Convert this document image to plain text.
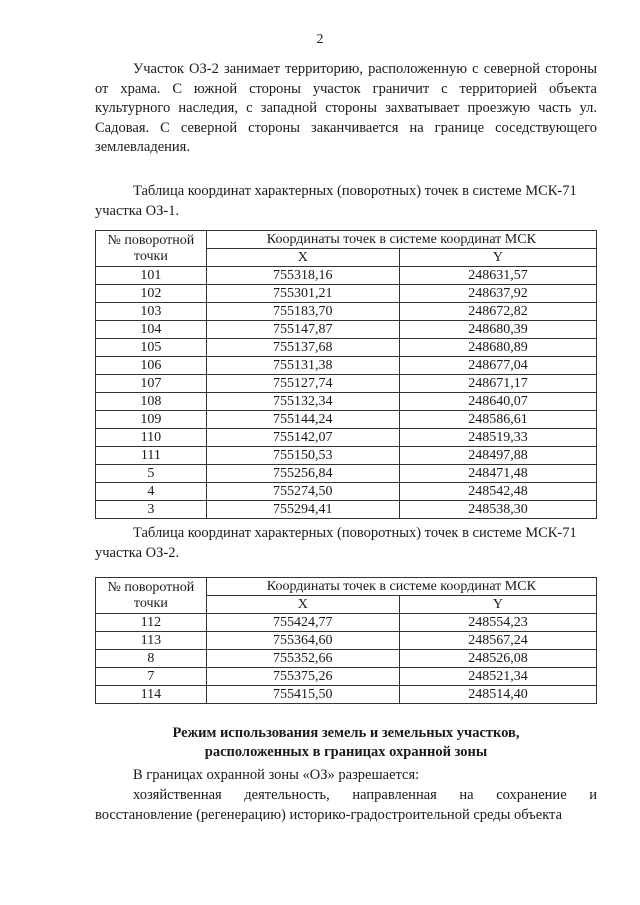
2

Участок ОЗ-2 занимает территорию, расположенную с северной стороны от храма. С южной стороны участок граничит с территорией объекта культурного наследия, с западной стороны захватывает проезжую часть ул. Садовая. С северной стороны заканчивается на границе соседствующего землевладения.

Таблица координат характерных (поворотных) точек в системе МСК-71
участка ОЗ-1.
№ поворотной
точки	Координаты точек в системе координат МСК	
	X	Y
101	755318,16	248631,57
102	755301,21	248637,92
103	755183,70	248672,82
104	755147,87	248680,39
105	755137,68	248680,89
106	755131,38	248677,04
107	755127,74	248671,17
108	755132,34	248640,07
109	755144,24	248586,61
110	755142,07	248519,33
111	755150,53	248497,88
5	755256,84	248471,48
4	755274,50	248542,48
3	755294,41	248538,30
Таблица координат характерных (поворотных) точек в системе МСК-71
участка ОЗ-2.
№ поворотной
точки	Координаты точек в системе координат МСК	
	X	Y
112	755424,77	248554,23
113	755364,60	248567,24
8	755352,66	248526,08
7	755375,26	248521,34
114	755415,50	248514,40
Режим использования земель и земельных участков,
расположенных в границах охранной зоны

В границах охранной зоны «ОЗ» разрешается:

хозяйственная деятельность, направленная на сохранение и восстановление (регенерацию) историко-градостроительной среды объекта
